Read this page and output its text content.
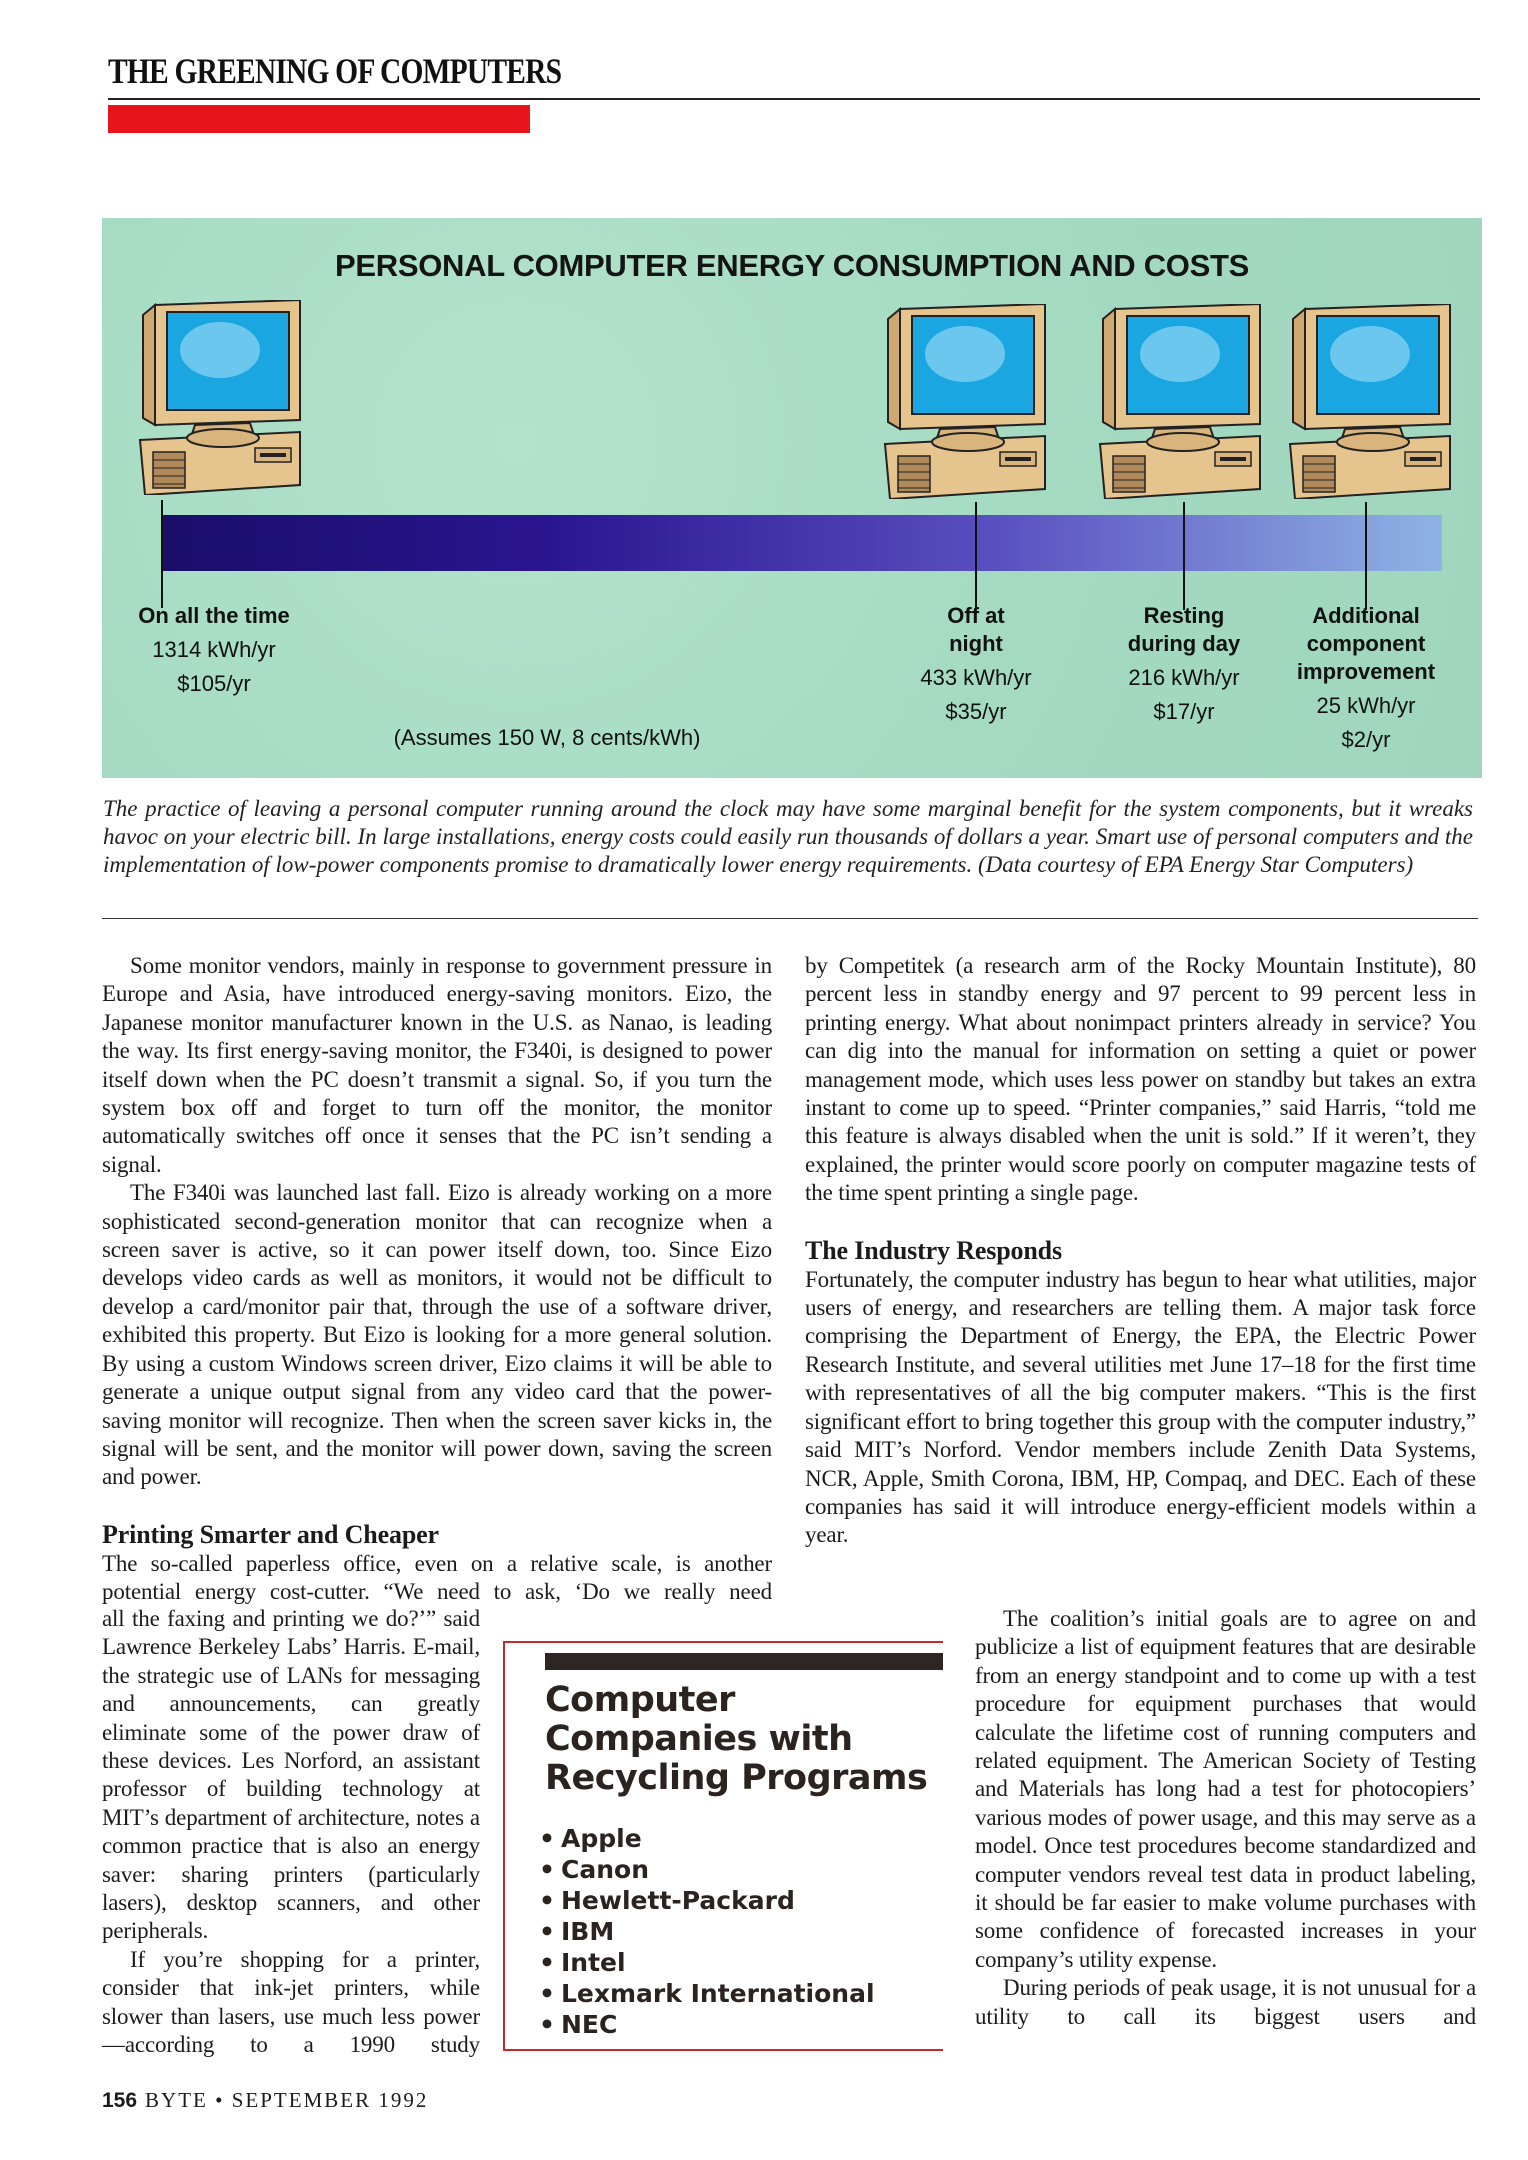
THE GREENING OF COMPUTERS
PERSONAL COMPUTER ENERGY CONSUMPTION AND COSTS
On all the time
1314 kWh/yr
$105/yr
Off at night
433 kWh/yr
$35/yr
Resting during day
216 kWh/yr
$17/yr
Additional component improvement
25 kWh/yr
$2/yr
(Assumes 150 W, 8 cents/kWh)
The practice of leaving a personal computer running around the clock may have some marginal benefit for the system components, but it wreaks havoc on your electric bill. In large installations, energy costs could easily run thousands of dollars a year. Smart use of personal computers and the implementation of low-power components promise to dramatically lower energy requirements. (Data courtesy of EPA Energy Star Computers)

Some monitor vendors, mainly in response to government pressure in Europe and Asia, have introduced energy-saving monitors. Eizo, the Japanese monitor manufacturer known in the U.S. as Nanao, is leading the way. Its first energy-saving monitor, the F340i, is designed to power itself down when the PC doesn’t transmit a signal. So, if you turn the system box off and forget to turn off the monitor, the monitor automatically switches off once it senses that the PC isn’t sending a signal.

The F340i was launched last fall. Eizo is already working on a more sophisticated second-generation monitor that can recognize when a screen saver is active, so it can power itself down, too. Since Eizo develops video cards as well as monitors, it would not be difficult to develop a card/monitor pair that, through the use of a software driver, exhibited this property. But Eizo is looking for a more general solution. By using a custom Windows screen driver, Eizo claims it will be able to generate a unique output signal from any video card that the power-saving monitor will recognize. Then when the screen saver kicks in, the signal will be sent, and the monitor will power down, saving the screen and power.

Printing Smarter and Cheaper

The so-called paperless office, even on a relative scale, is another potential energy cost-cutter. “We need to ask, ‘Do we really need

all the faxing and printing we do?’” said Lawrence Berkeley Labs’ Harris. E-mail, the strategic use of LANs for messaging and announcements, can greatly eliminate some of the power draw of these devices. Les Norford, an assistant professor of building technology at MIT’s department of architecture, notes a common practice that is also an energy saver: sharing printers (particularly lasers), desktop scanners, and other peripherals.

If you’re shopping for a printer, consider that ink-jet printers, while slower than lasers, use much less power—according to a 1990 study

by Competitek (a research arm of the Rocky Mountain Institute), 80 percent less in standby energy and 97 percent to 99 percent less in printing energy. What about nonimpact printers already in service? You can dig into the manual for information on setting a quiet or power management mode, which uses less power on standby but takes an extra instant to come up to speed. “Printer companies,” said Harris, “told me this feature is always disabled when the unit is sold.” If it weren’t, they explained, the printer would score poorly on computer magazine tests of the time spent printing a single page.

The Industry Responds

Fortunately, the computer industry has begun to hear what utilities, major users of energy, and researchers are telling them. A major task force comprising the Department of Energy, the EPA, the Electric Power Research Institute, and several utilities met June 17–18 for the first time with representatives of all the big computer makers. “This is the first significant effort to bring together this group with the computer industry,” said MIT’s Norford. Vendor members include Zenith Data Systems, NCR, Apple, Smith Corona, IBM, HP, Compaq, and DEC. Each of these companies has said it will introduce energy-efficient models within a year.

The coalition’s initial goals are to agree on and publicize a list of equipment features that are desirable from an energy standpoint and to come up with a test procedure for equipment purchases that would calculate the lifetime cost of running computers and related equipment. The American Society of Testing and Materials has long had a test for photocopiers’ various modes of power usage, and this may serve as a model. Once test procedures become standardized and computer vendors reveal test data in product labeling, it should be far easier to make volume purchases with some confidence of forecasted increases in your company’s utility expense.

During periods of peak usage, it is not unusual for a utility to call its biggest users and

Computer Companies with Recycling Programs
• Apple
• Canon
• Hewlett-Packard
• IBM
• Intel
• Lexmark International
• NEC
156 BYTE • SEPTEMBER 1992
